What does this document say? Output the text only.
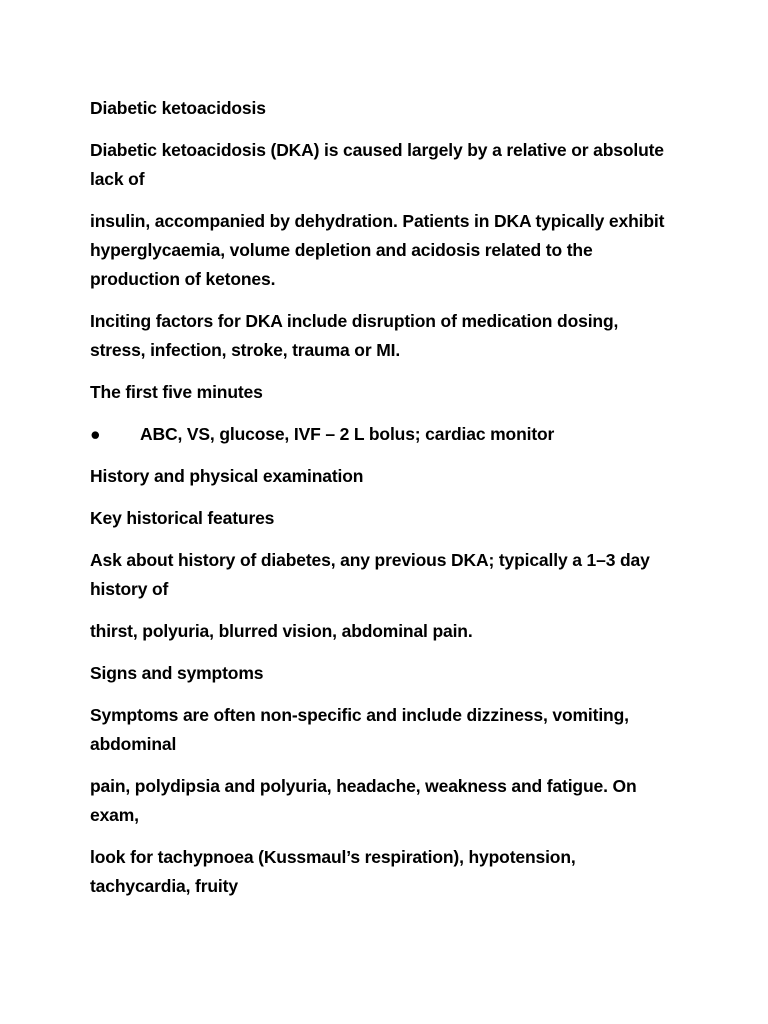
Diabetic ketoacidosis

Diabetic ketoacidosis (DKA) is caused largely by a relative or absolute lack of

insulin, accompanied by dehydration. Patients in DKA typically exhibit hyperglycaemia, volume depletion and acidosis related to the production of ketones.

Inciting factors for DKA include disruption of medication dosing, stress, infection, stroke, trauma or MI.

The first five minutes

●	ABC, VS, glucose, IVF – 2 L bolus; cardiac monitor

History and physical examination

Key historical features

Ask about history of diabetes, any previous DKA; typically a 1–3 day history of

thirst, polyuria, blurred vision, abdominal pain.

Signs and symptoms

Symptoms are often non-specific and include dizziness, vomiting, abdominal

pain, polydipsia and polyuria, headache, weakness and fatigue. On exam,

look for tachypnoea (Kussmaul’s respiration), hypotension, tachycardia, fruity
